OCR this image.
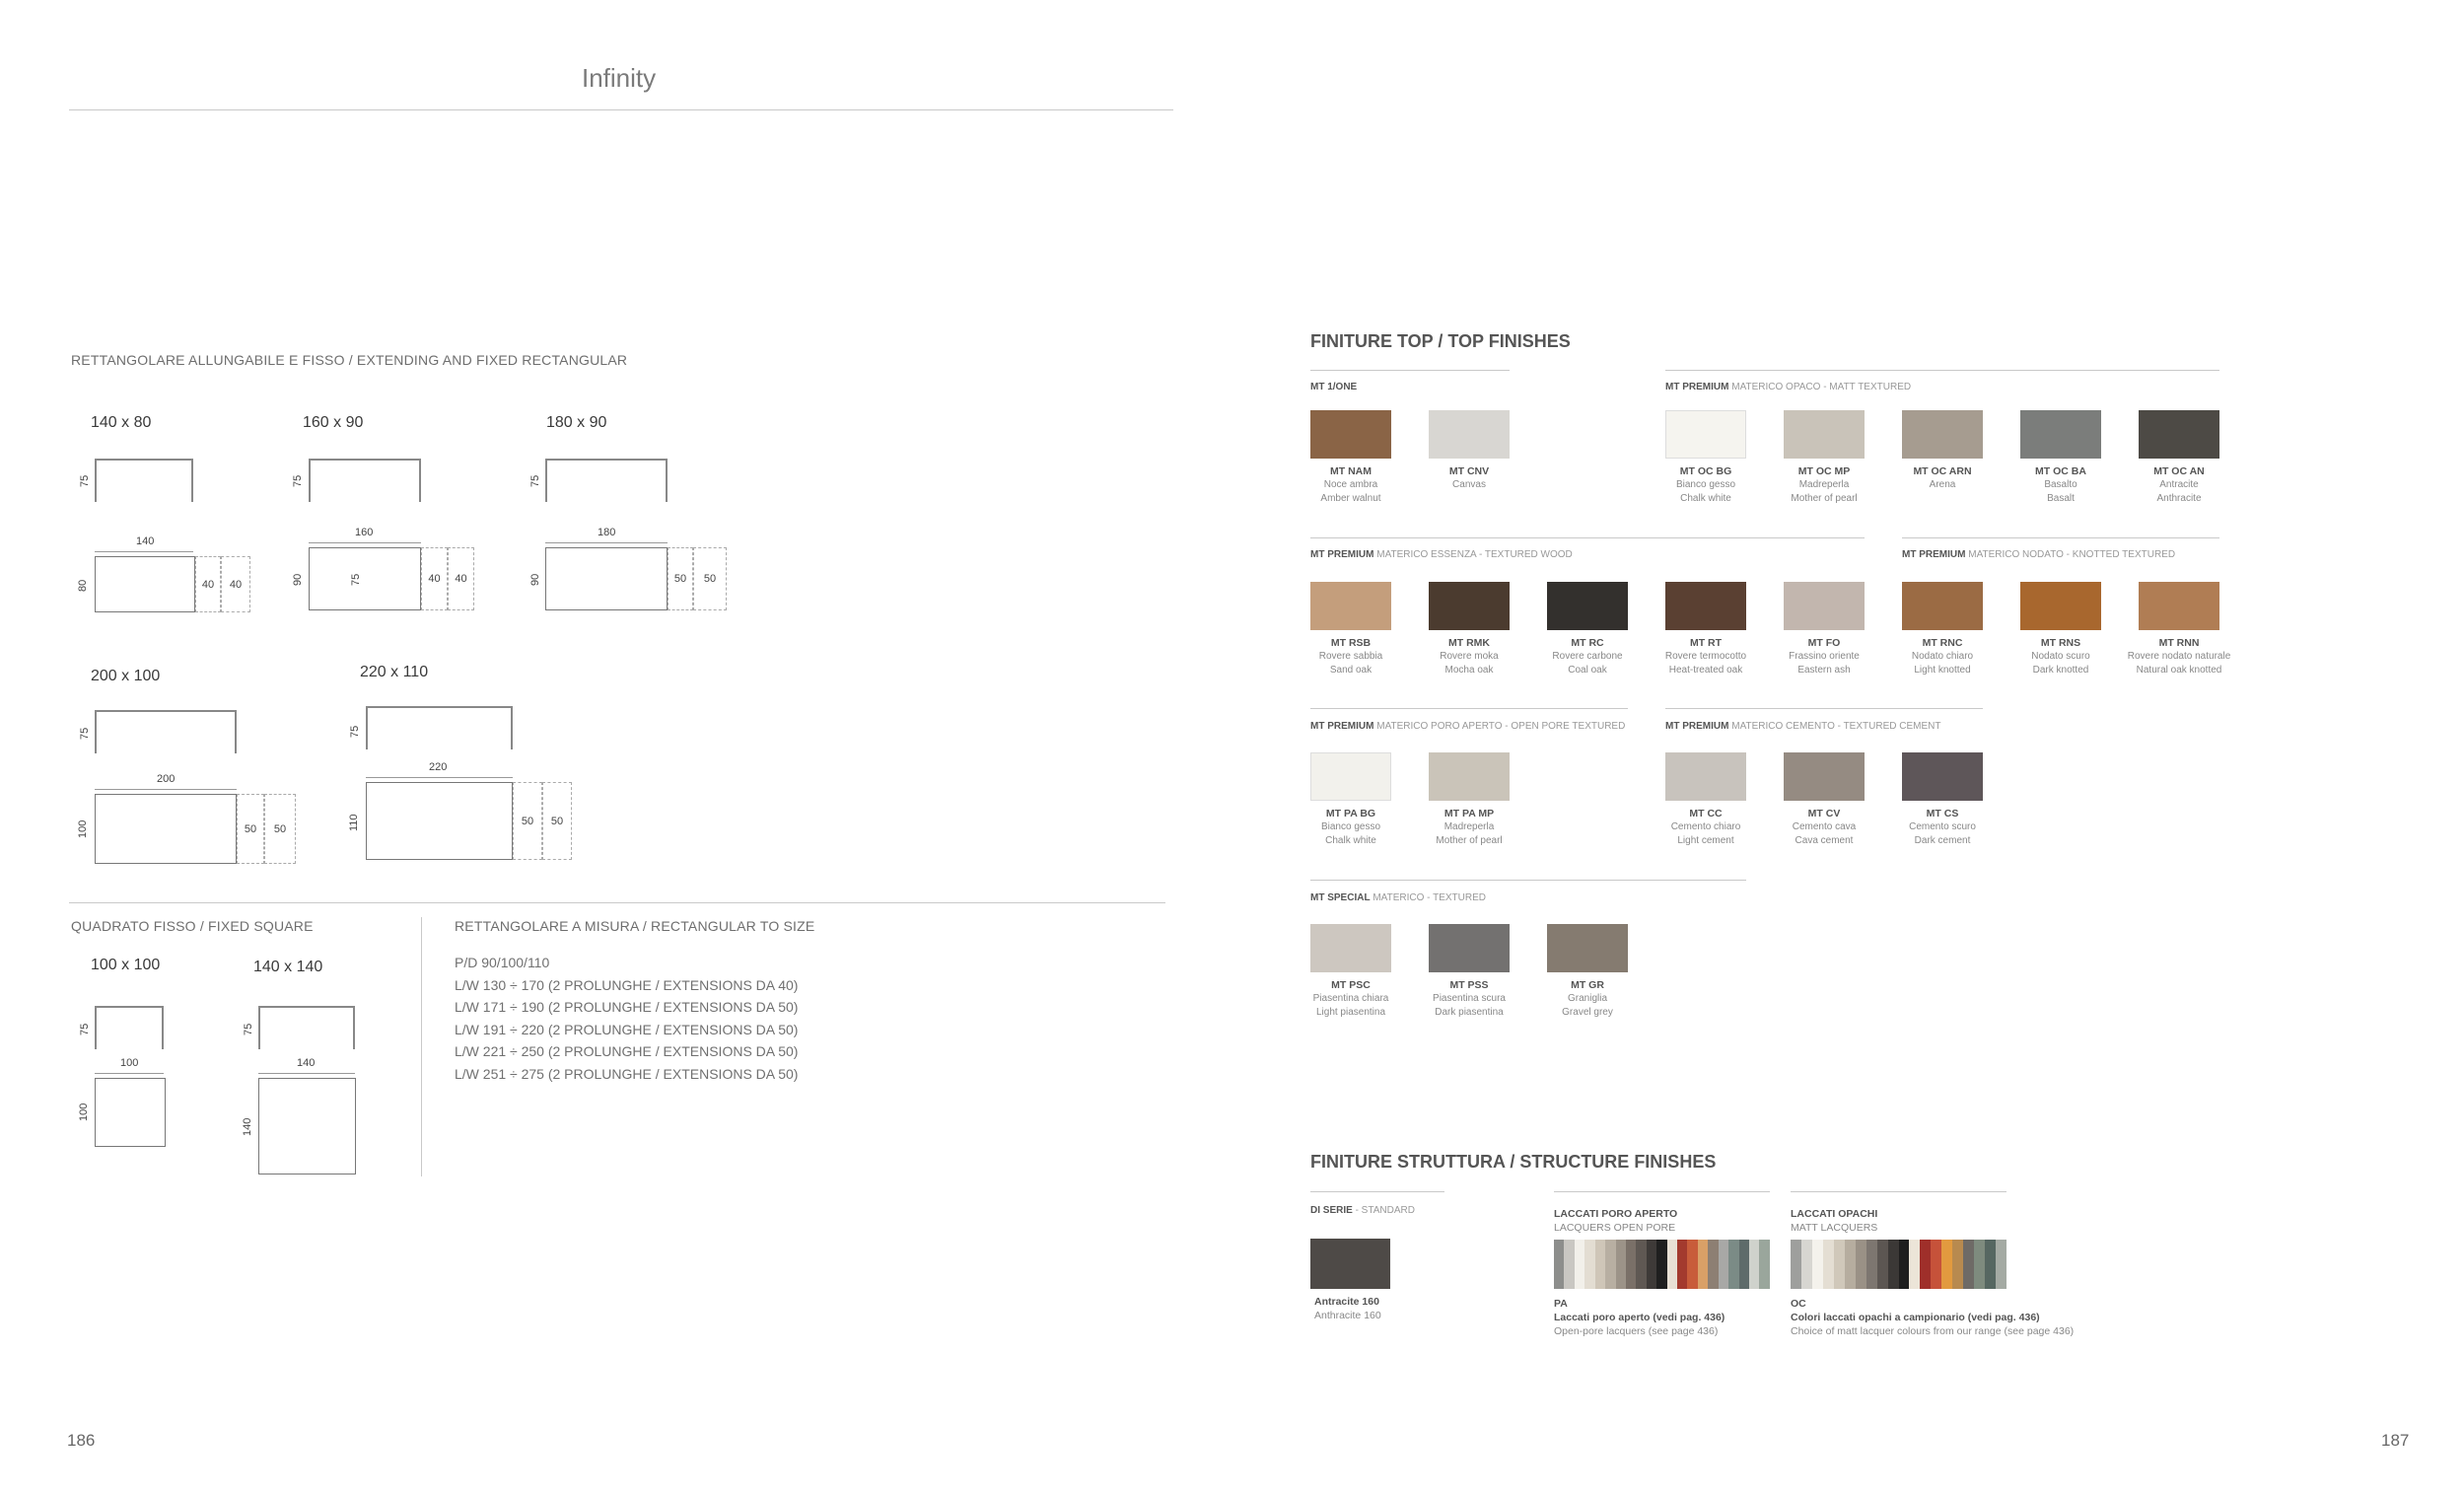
Infinity
RETTANGOLARE ALLUNGABILE E FISSO / EXTENDING AND FIXED RECTANGULAR
140 x 80
75
140
80	40	40
160 x 90
75
160
90	75	40	40
180 x 90
75
180
90	50	50
200 x 100
75
200
100	50	50
220 x 110
75
220
110	50	50
QUADRATO FISSO / FIXED SQUARE
100 x 100
75
100
100
140 x 140
75
140
140
RETTANGOLARE A MISURA / RECTANGULAR TO SIZE
P/D 90/100/110
L/W 130 ÷ 170 (2 PROLUNGHE / EXTENSIONS DA 40)
L/W 171 ÷ 190 (2 PROLUNGHE / EXTENSIONS DA 50)
L/W 191 ÷ 220 (2 PROLUNGHE / EXTENSIONS DA 50)
L/W 221 ÷ 250 (2 PROLUNGHE / EXTENSIONS DA 50)
L/W 251 ÷ 275 (2 PROLUNGHE / EXTENSIONS DA 50)
186
FINITURE TOP / TOP FINISHES
MT 1/ONE	MT PREMIUM MATERICO OPACO - MATT TEXTURED
MT PREMIUM MATERICO ESSENZA - TEXTURED WOOD	MT PREMIUM MATERICO NODATO - KNOTTED TEXTURED
MT PREMIUM MATERICO PORO APERTO - OPEN PORE TEXTURED	MT PREMIUM MATERICO CEMENTO - TEXTURED CEMENT
MT SPECIAL MATERICO - TEXTURED
MT NAM
Noce ambra
Amber walnut
MT CNV
Canvas
MT OC BG
Bianco gesso
Chalk white
MT OC MP
Madreperla
Mother of pearl
MT OC ARN
Arena
MT OC BA
Basalto
Basalt
MT OC AN
Antracite
Anthracite
MT RSB
Rovere sabbia
Sand oak
MT RMK
Rovere moka
Mocha oak
MT RC
Rovere carbone
Coal oak
MT RT
Rovere termocotto
Heat-treated oak
MT FO
Frassino oriente
Eastern ash
MT RNC
Nodato chiaro
Light knotted
MT RNS
Nodato scuro
Dark knotted
MT RNN
Rovere nodato naturale
Natural oak knotted
MT PA BG
Bianco gesso
Chalk white
MT PA MP
Madreperla
Mother of pearl
MT CC
Cemento chiaro
Light cement
MT CV
Cemento cava
Cava cement
MT CS
Cemento scuro
Dark cement
MT PSC
Piasentina chiara
Light piasentina
MT PSS
Piasentina scura
Dark piasentina
MT GR
Graniglia
Gravel grey
FINITURE STRUTTURA / STRUCTURE FINISHES
DI SERIE - STANDARD
Antracite 160
Anthracite 160
LACCATI PORO APERTO
LACQUERS OPEN PORE
PA
Laccati poro aperto (vedi pag. 436)
Open-pore lacquers (see page 436)
LACCATI OPACHI
MATT LACQUERS
OC
Colori laccati opachi a campionario (vedi pag. 436)
Choice of matt lacquer colours from our range (see page 436)
187
